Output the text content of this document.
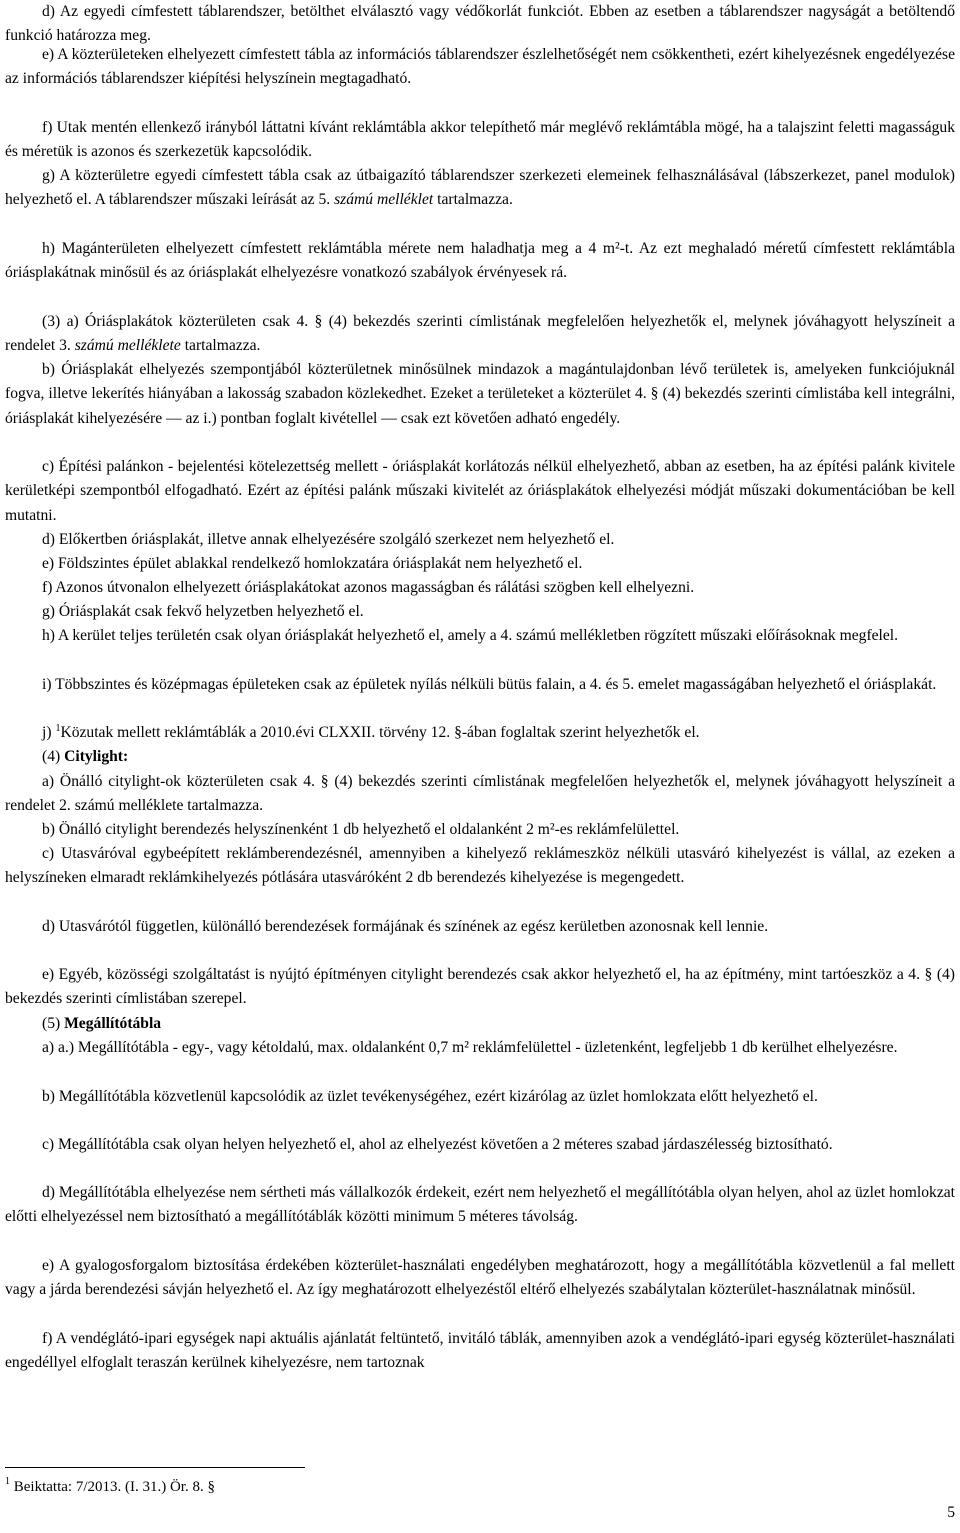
d) Az egyedi címfestett táblarendszer, betölthet elválasztó vagy védőkorlát funkciót. Ebben az esetben a táblarendszer nagyságát a betöltendő funkció határozza meg.

e) A közterületeken elhelyezett címfestett tábla az információs táblarendszer észlelhetőségét nem csökkentheti, ezért kihelyezésnek engedélyezése az információs táblarendszer kiépítési helyszínein megtagadható.

f) Utak mentén ellenkező irányból láttatni kívánt reklámtábla akkor telepíthető már meglévő reklámtábla mögé, ha a talajszint feletti magasságuk és méretük is azonos és szerkezetük kapcsolódik.

g) A közterületre egyedi címfestett tábla csak az útbaigazító táblarendszer szerkezeti elemeinek felhasználásával (lábszerkezet, panel modulok) helyezhető el. A táblarendszer műszaki leírását az 5. számú melléklet tartalmazza.

h) Magánterületen elhelyezett címfestett reklámtábla mérete nem haladhatja meg a 4 m²-t. Az ezt meghaladó méretű címfestett reklámtábla óriásplakátnak minősül és az óriásplakát elhelyezésre vonatkozó szabályok érvényesek rá.

(3) a) Óriásplakátok közterületen csak 4. § (4) bekezdés szerinti címlistának megfelelően helyezhetők el, melynek jóváhagyott helyszíneit a rendelet 3. számú melléklete tartalmazza.

b) Óriásplakát elhelyezés szempontjából közterületnek minősülnek mindazok a magántulajdonban lévő területek is, amelyeken funkciójuknál fogva, illetve lekerítés hiányában a lakosság szabadon közlekedhet. Ezeket a területeket a közterület 4. § (4) bekezdés szerinti címlistába kell integrálni, óriásplakát kihelyezésére — az i.) pontban foglalt kivétellel — csak ezt követően adható engedély.

c) Építési palánkon - bejelentési kötelezettség mellett - óriásplakát korlátozás nélkül elhelyezhető, abban az esetben, ha az építési palánk kivitele kerületképi szempontból elfogadható. Ezért az építési palánk műszaki kivitelét az óriásplakátok elhelyezési módját műszaki dokumentációban be kell mutatni.

d) Előkertben óriásplakát, illetve annak elhelyezésére szolgáló szerkezet nem helyezhető el.

e) Földszintes épület ablakkal rendelkező homlokzatára óriásplakát nem helyezhető el.

f) Azonos útvonalon elhelyezett óriásplakátokat azonos magasságban és rálátási szögben kell elhelyezni.

g) Óriásplakát csak fekvő helyzetben helyezhető el.

h) A kerület teljes területén csak olyan óriásplakát helyezhető el, amely a 4. számú mellékletben rögzített műszaki előírásoknak megfelel.

i) Többszintes és középmagas épületeken csak az épületek nyílás nélküli bütüs falain, a 4. és 5. emelet magasságában helyezhető el óriásplakát.

j) $^1$Közutak mellett reklámtáblák a 2010.évi CLXXII. törvény 12. §-ában foglaltak szerint helyezhetők el.

(4) Citylight:

a) Önálló citylight-ok közterületen csak 4. § (4) bekezdés szerinti címlistának megfelelően helyezhetők el, melynek jóváhagyott helyszíneit a rendelet 2. számú melléklete tartalmazza.

b) Önálló citylight berendezés helyszínenként 1 db helyezhető el oldalanként 2 m²-es reklámfelülettel.

c) Utasváróval egybeépített reklámberendezésnél, amennyiben a kihelyező reklámeszköz nélküli utasváró kihelyezést is vállal, az ezeken a helyszíneken elmaradt reklámkihelyezés pótlására utasváróként 2 db berendezés kihelyezése is megengedett.

d) Utasvárótól független, különálló berendezések formájának és színének az egész kerületben azonosnak kell lennie.

e) Egyéb, közösségi szolgáltatást is nyújtó építményen citylight berendezés csak akkor helyezhető el, ha az építmény, mint tartóeszköz a 4. § (4) bekezdés szerinti címlistában szerepel.

(5) Megállítótábla

a) a.) Megállítótábla - egy-, vagy kétoldalú, max. oldalanként 0,7 m² reklámfelülettel - üzletenként, legfeljebb 1 db kerülhet elhelyezésre.

b) Megállítótábla közvetlenül kapcsolódik az üzlet tevékenységéhez, ezért kizárólag az üzlet homlokzata előtt helyezhető el.

c) Megállítótábla csak olyan helyen helyezhető el, ahol az elhelyezést követően a 2 méteres szabad járdaszélesség biztosítható.

d) Megállítótábla elhelyezése nem sértheti más vállalkozók érdekeit, ezért nem helyezhető el megállítótábla olyan helyen, ahol az üzlet homlokzat előtti elhelyezéssel nem biztosítható a megállítótáblák közötti minimum 5 méteres távolság.

e) A gyalogosforgalom biztosítása érdekében közterület-használati engedélyben meghatározott, hogy a megállítótábla közvetlenül a fal mellett vagy a járda berendezési sávján helyezhető el. Az így meghatározott elhelyezéstől eltérő elhelyezés szabálytalan közterület-használatnak minősül.

f) A vendéglátó-ipari egységek napi aktuális ajánlatát feltüntető, invitáló táblák, amennyiben azok a vendéglátó-ipari egység közterület-használati engedéllyel elfoglalt teraszán kerülnek kihelyezésre, nem tartoznak

$^1$ Beiktatta: 7/2013. (I. 31.) Ör. 8. §

5
